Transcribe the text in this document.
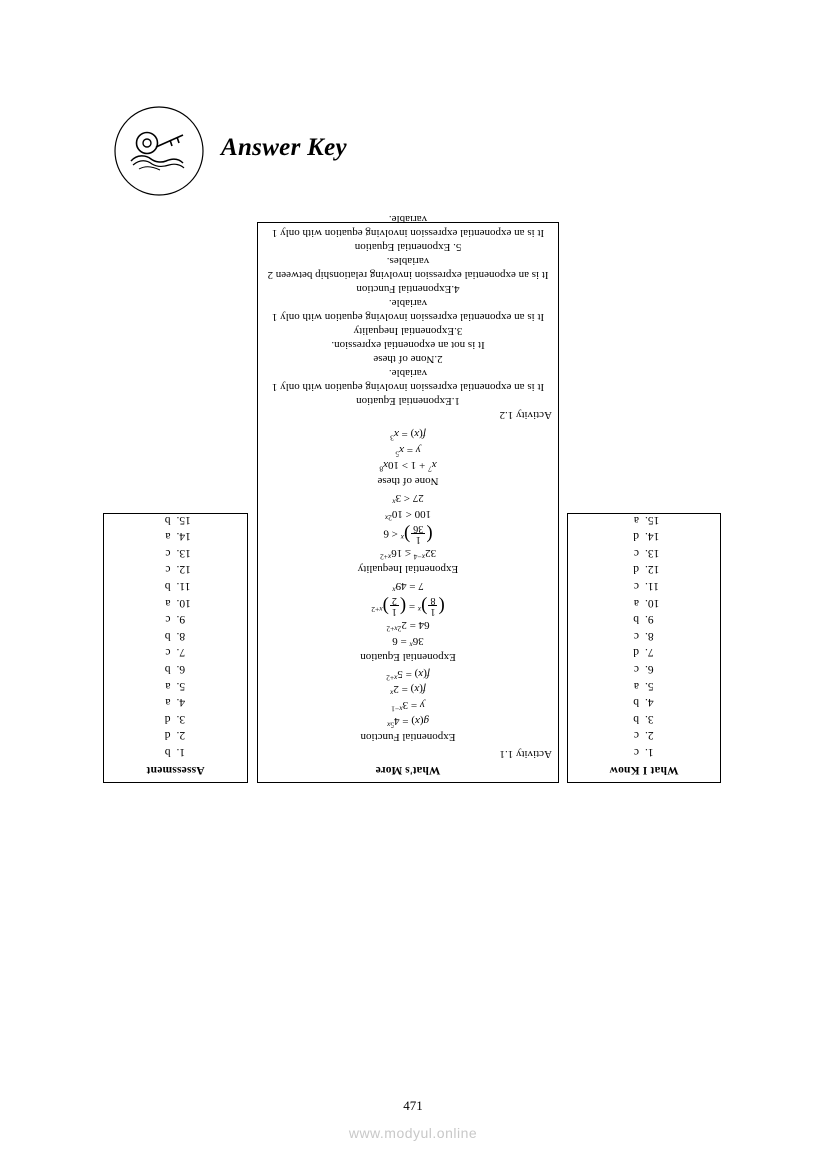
Answer Key
What I Know
1.c
2.c
3.b
4.b
5.a
6.c
7.d
8.c
9.b
10.a
11.c
12.d
13.c
14.d
15.a
Assessment
1.b
2.d
3.d
4.a
5.a
6.b
7.c
8.b
9.c
10.a
11.b
12.c
13.c
14.a
15.b
What's More
Activity 1.1
Exponential Function
$g(x) = 4^{5x}$
$y = 3^{x-1}$
$f(x) = 2^x$
$f(x) = 5^{x+2}$
Exponential Equation
$36^x = 6$
$64 = 2^{2x+2}$
(
1
8
)$^x$ = (
1
2
)$^{x+2}$
$7 = 49^x$
Exponential Inequality
$32^{x-4} \le 16^{x+2}$
(
1
36
)$^x$ < 6
$100 < 10^{2x}$
$27 < 3^x$
None of these
$x^7 + 1 > 10x^8$
$y = x^5$
$f(x) = x^3$
Activity 1.2
1.Exponential Equation
It is an exponential expression involving equation with only 1 variable.
2.None of these
It is not an exponential expression.
3.Exponential Inequality
It is an exponential expression involving equation with only 1 variable.
4.Exponential Function
It is an exponential expression involving relationship between 2 variables.
5. Exponential Equation
It is an exponential expression involving equation with only 1 variable.
471
www.modyul.online
